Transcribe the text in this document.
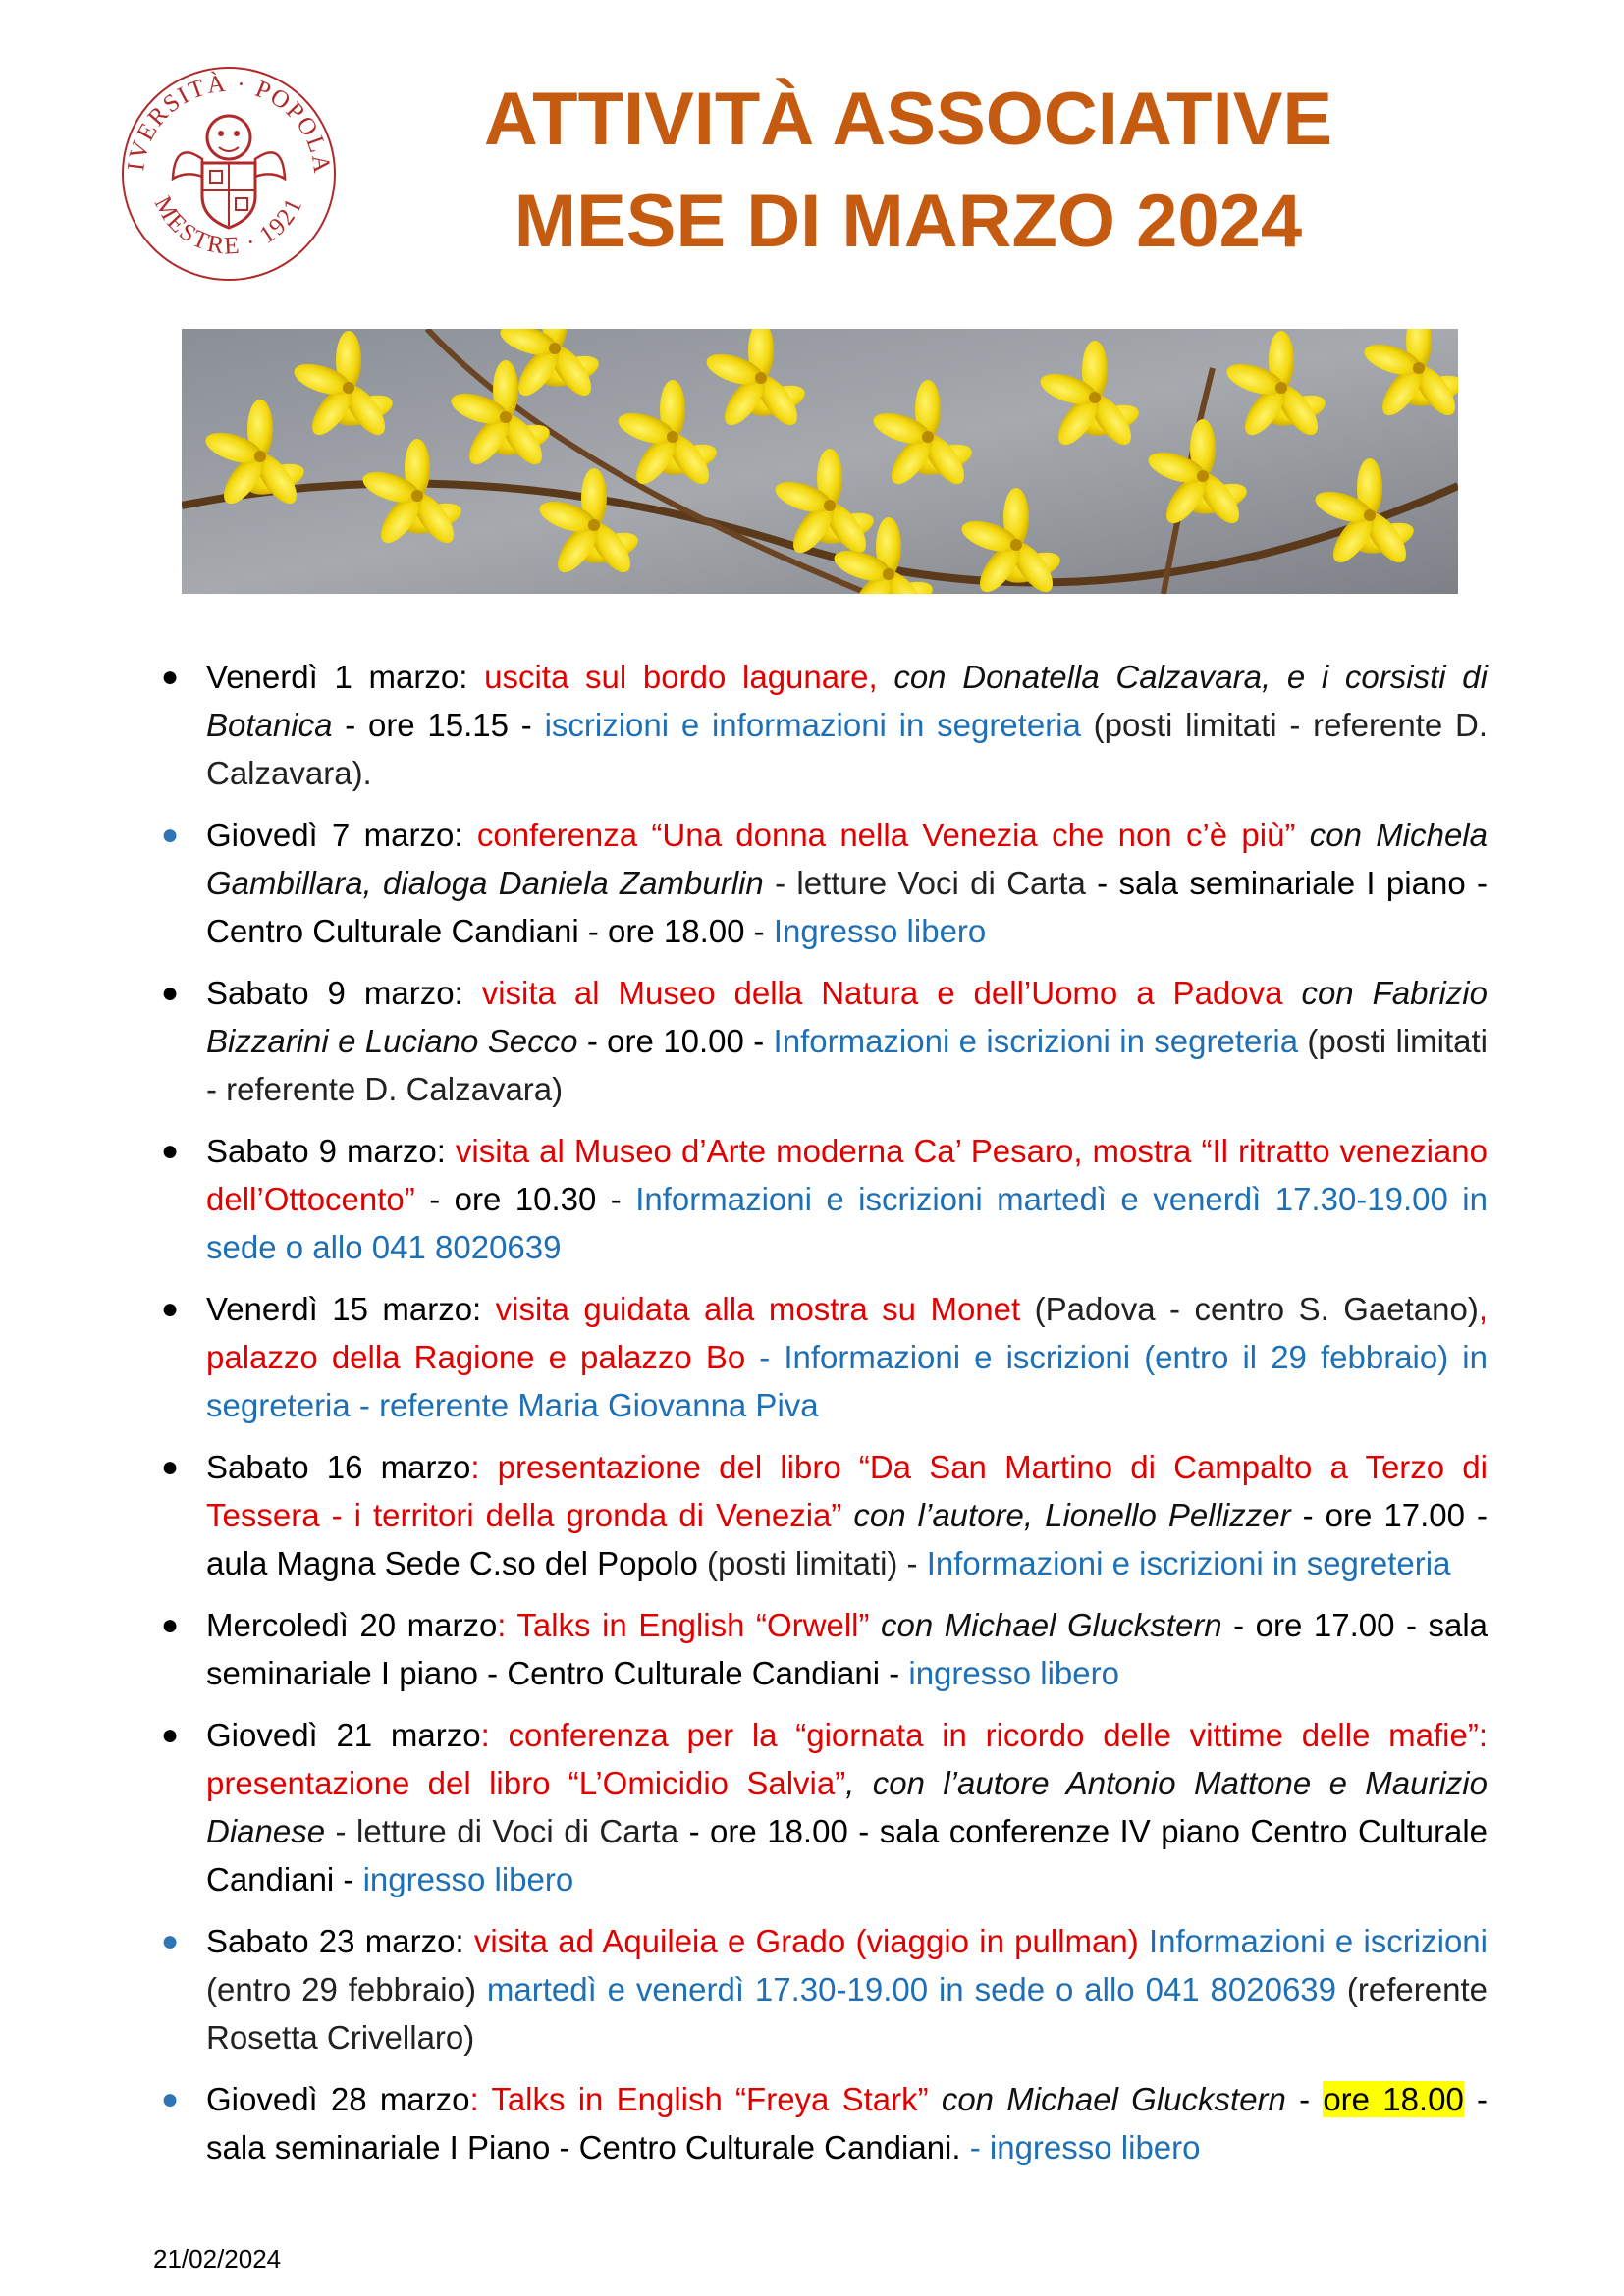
IVERSITÀ · POPOLA
MESTRE · 1921
ATTIVITÀ ASSOCIATIVE
MESE DI MARZO 2024
● Venerdì 1 marzo: uscita sul bordo lagunare, con Donatella Calzavara, e i corsisti di Botanica - ore 15.15 - iscrizioni e informazioni in segreteria (posti limitati - referente D. Calzavara).
● Giovedì 7 marzo: conferenza “Una donna nella Venezia che non c’è più” con Michela Gambillara, dialoga Daniela Zamburlin - letture Voci di Carta - sala seminariale I piano - Centro Culturale Candiani - ore 18.00 - Ingresso libero
● Sabato 9 marzo: visita al Museo della Natura e dell’Uomo a Padova con Fabrizio Bizzarini e Luciano Secco - ore 10.00 - Informazioni e iscrizioni in segreteria (posti limitati - referente D. Calzavara)
● Sabato 9 marzo: visita al Museo d’Arte moderna Ca’ Pesaro, mostra “Il ritratto veneziano dell’Ottocento” - ore 10.30 - Informazioni e iscrizioni martedì e venerdì 17.30-19.00 in sede o allo 041 8020639
● Venerdì 15 marzo: visita guidata alla mostra su Monet (Padova - centro S. Gaetano), palazzo della Ragione e palazzo Bo - Informazioni e iscrizioni (entro il 29 febbraio) in segreteria - referente Maria Giovanna Piva
● Sabato 16 marzo: presentazione del libro “Da San Martino di Campalto a Terzo di Tessera - i territori della gronda di Venezia” con l’autore, Lionello Pellizzer - ore 17.00 - aula Magna Sede C.so del Popolo (posti limitati) - Informazioni e iscrizioni in segreteria
● Mercoledì 20 marzo: Talks in English “Orwell” con Michael Gluckstern - ore 17.00 - sala seminariale I piano - Centro Culturale Candiani - ingresso libero
● Giovedì 21 marzo: conferenza per la “giornata in ricordo delle vittime delle mafie”: presentazione del libro “L’Omicidio Salvia”, con l’autore Antonio Mattone e Maurizio Dianese - letture di Voci di Carta - ore 18.00 - sala conferenze IV piano Centro Culturale Candiani - ingresso libero
● Sabato 23 marzo: visita ad Aquileia e Grado (viaggio in pullman) Informazioni e iscrizioni (entro 29 febbraio) martedì e venerdì 17.30-19.00 in sede o allo 041 8020639 (referente Rosetta Crivellaro)
● Giovedì 28 marzo: Talks in English “Freya Stark” con Michael Gluckstern - ore 18.00 - sala seminariale I Piano - Centro Culturale Candiani. - ingresso libero
21/02/2024
